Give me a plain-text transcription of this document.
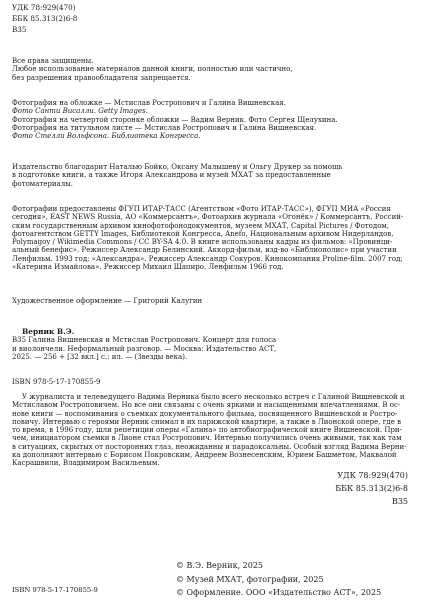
УДК 78:929(470)
ББК 85.313(2)6-8
В35

Все права защищены.

Любое использование материалов данной книги, полностью или частично,

без разрешения правообладателя запрещается.

Фотография на обложке — Мстислав Ростропович и Галина Вишневская.

Фото Санти Висалли. Getty Images.

Фотография на четвертой сторонке обложки — Вадим Верник. Фото Сергея Щелухина.

Фотография на титульном листе — Мстислав Ростропович и Галина Вишневская.

Фото Стелли Вольфсона. Библиотека Конгресса.

Издательство благодарит Наталью Бойко, Оксану Малышеву и Ольгу Друкер за помощь

в подготовке книги, а также Игоря Александрова и музей МХАТ за предоставленные

фотоматериалы.

Фотографии предоставлены ФГУП ИТАР-ТАСС (Агентством «Фото ИТАР-ТАСС»), ФГУП МИА «Россия

сегодня», EAST NEWS Russia, АО «Коммерсантъ», Фотоархив журнала «Огонёк» / Коммерсантъ, Россий-

ским государственным архивом кинофотофонодокументов, музеем МХАТ, Capital Pictures / Фотодом,

фотоагентством GETTY Images, Библиотекой Конгресса, Anefo, Национальным архивом Нидерландов,

Polymagoy / Wikimedia Commons / CC BY-SA 4.0. В книге использованы кадры из фильмов: «Провинци-

альный бенефис». Режиссер Александр Белинский. Аккорд-фильм, изд-во «Библиополис» при участии

Ленфильм. 1993 год; «Александра». Режиссер Александр Сокуров. Кинокомпания Proline-film. 2007 год;

«Катерина Измайлова». Режиссер Михаил Шапиро. Ленфильм 1966 год.

Художественное оформление — Григорий Калугин

Верник В.Э.

В35 Галина Вишневская и Мстислав Ростропович. Концерт для голоса

и виолончели. Неформальный разговор. — Москва: Издательство АСТ,

2025. — 256 + [32 вкл.] с.: ил. — (Звезды века).

ISBN 978-5-17-170855-9

У журналиста и телеведущего Вадима Верника было всего несколько встреч с Галиной Вишневской и

Мстиславом Ростроповичем. Но все они связаны с очень яркими и насыщенными впечатлениями. В ос-

нове книги — воспоминания о съемках документального фильма, посвященного Вишневской и Ростро-

повичу. Интервью с героями Верник снимал в их парижской квартире, а также в Лионской опере, где в

то время, в 1996 году, шли репетиции оперы «Галина» по автобиографической книге Вишневской. При-

чем, инициатором съемки в Лионе стал Ростропович. Интервью получились очень живыми, так как там

в ситуациях, скрытых от посторонних глаз, неожиданны и парадоксальны. Особый взгляд Вадима Верни-

ка дополняют интервью с Борисом Покровским, Андреем Вознесенским, Юрием Башметом, Маквалой

Касрашвили, Владимиром Васильевым.

УДК 78:929(470)
ББК 85.313(2)6-8
В35
© В.Э. Верник, 2025
© Музей МХАТ, фотографии, 2025
© Оформление. ООО «Издательство АСТ», 2025
ISBN 978-5-17-170855-9
